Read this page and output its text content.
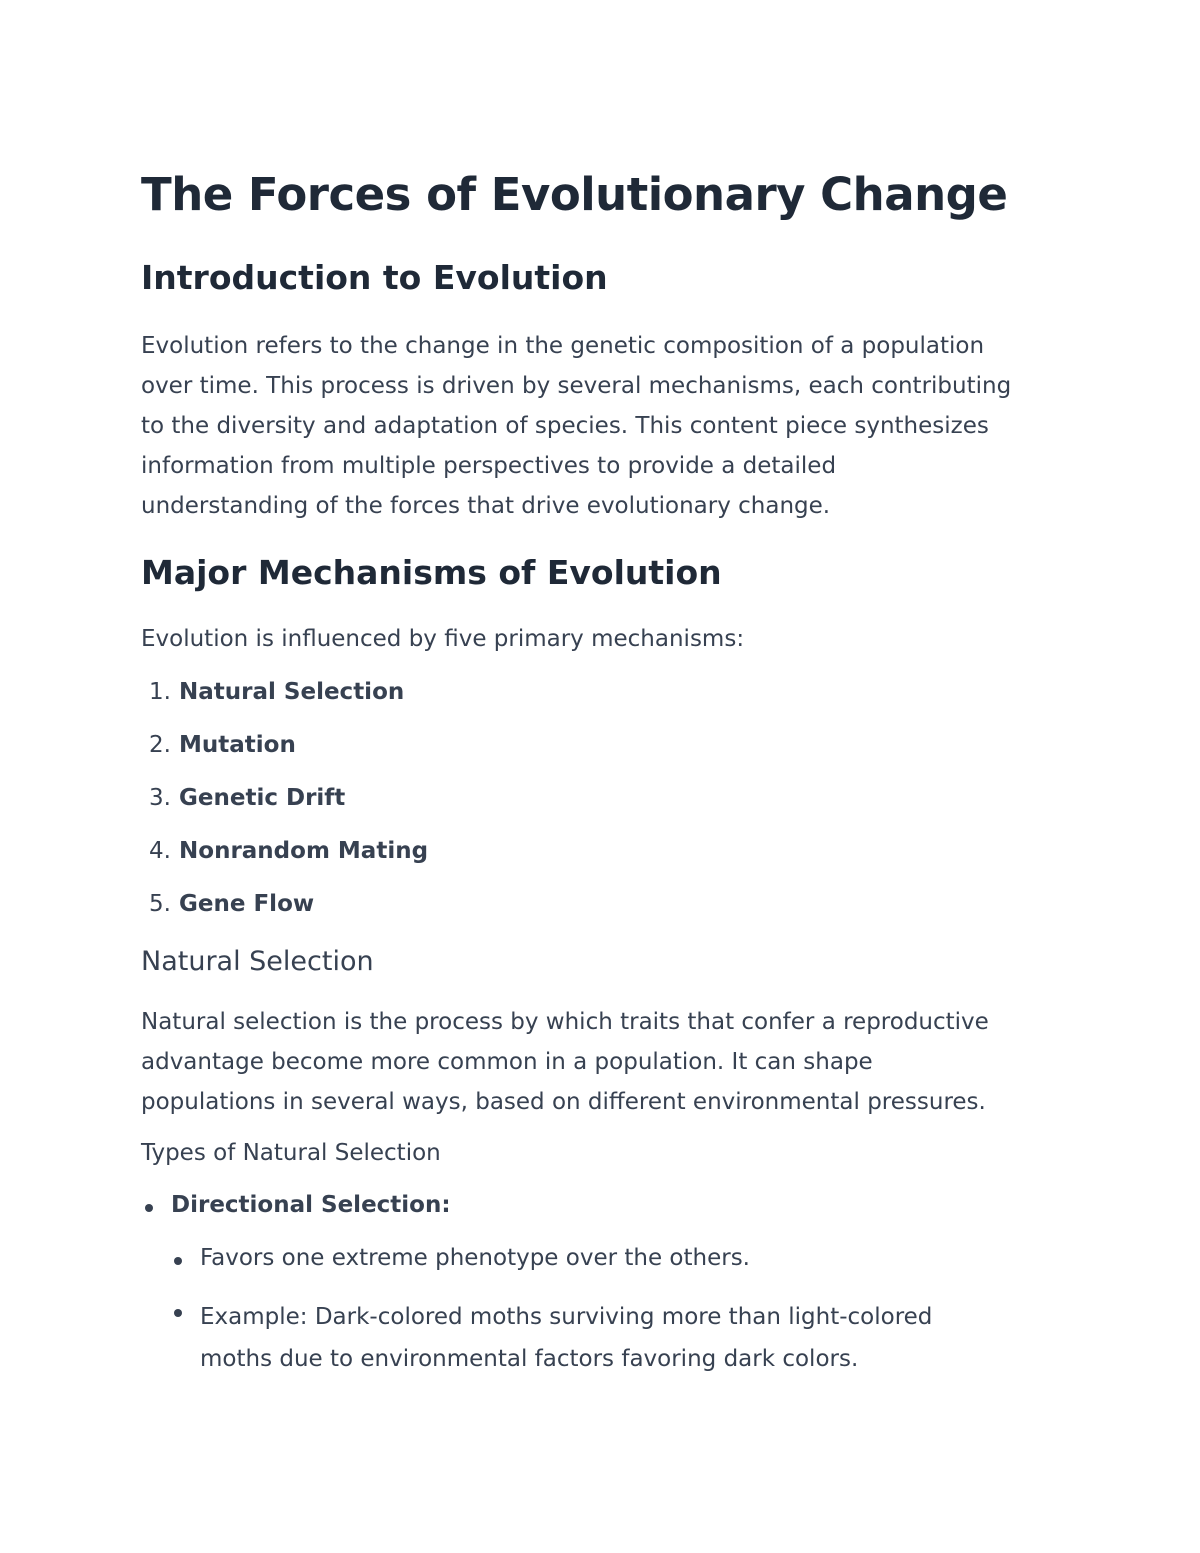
The Forces of Evolutionary Change
Introduction to Evolution

Evolution refers to the change in the genetic composition of a population
over time. This process is driven by several mechanisms, each contributing
to the diversity and adaptation of species. This content piece synthesizes
information from multiple perspectives to provide a detailed
understanding of the forces that drive evolutionary change.

Major Mechanisms of Evolution

Evolution is influenced by five primary mechanisms:

1. Natural Selection
2. Mutation
3. Genetic Drift
4. Nonrandom Mating
5. Gene Flow
Natural Selection

Natural selection is the process by which traits that confer a reproductive
advantage become more common in a population. It can shape
populations in several ways, based on different environmental pressures.

Types of Natural Selection
Directional Selection:
Favors one extreme phenotype over the others.
Example: Dark-colored moths surviving more than light-colored
moths due to environmental factors favoring dark colors.
